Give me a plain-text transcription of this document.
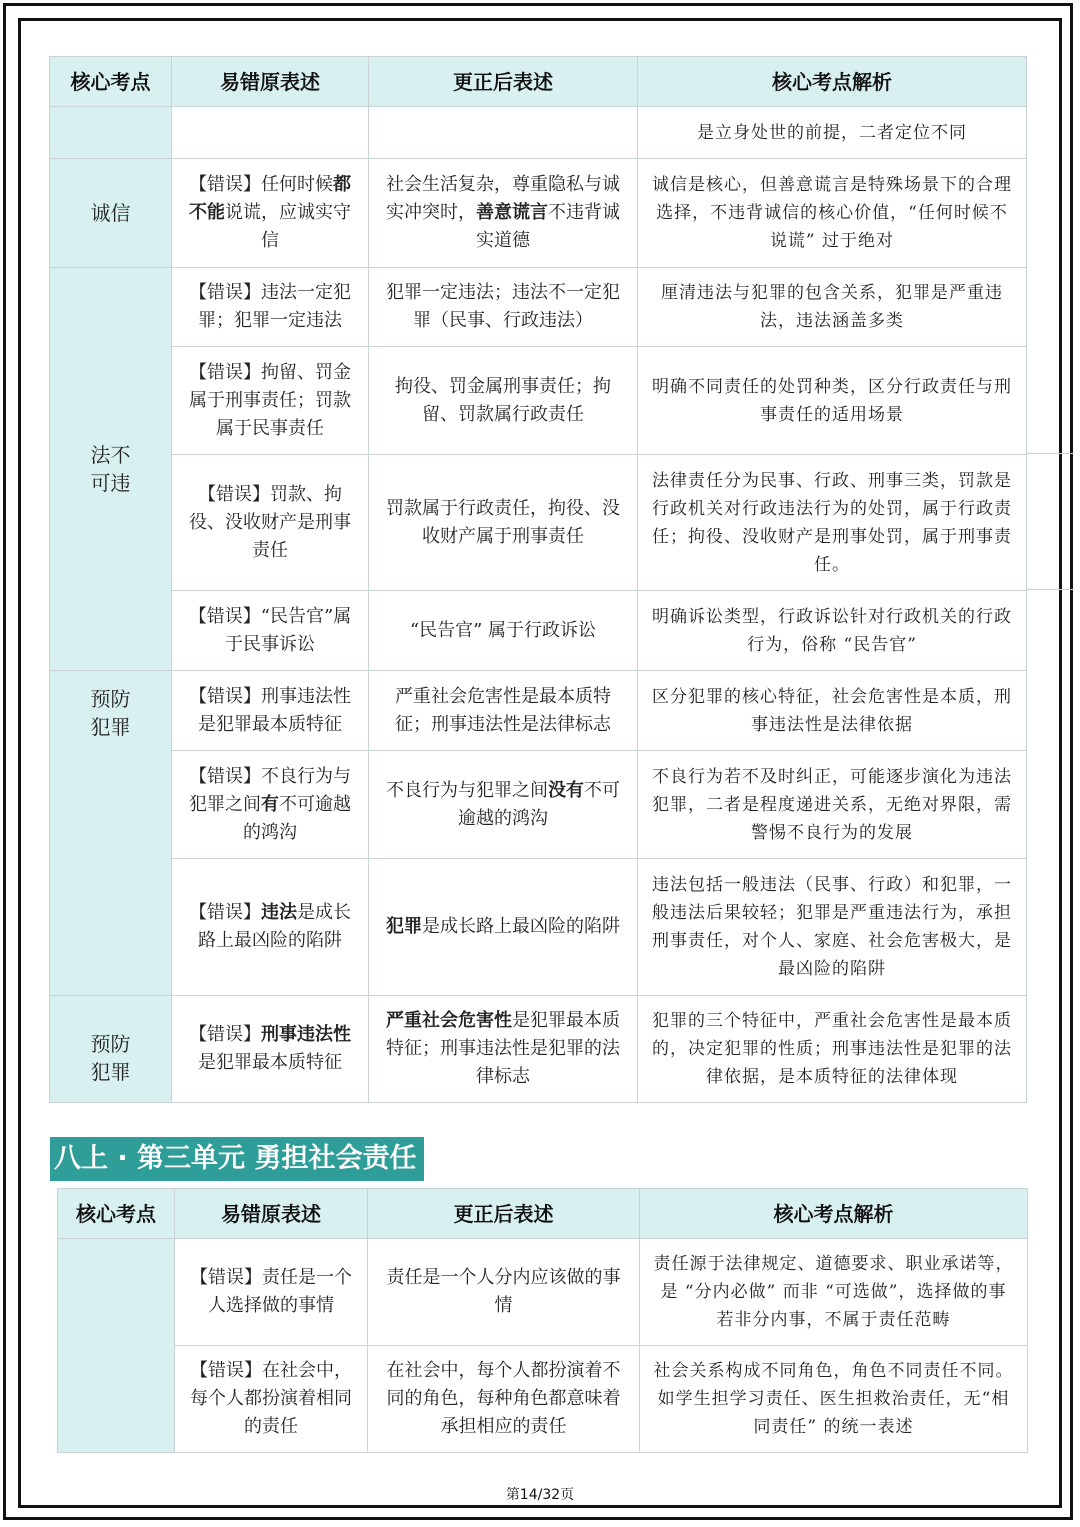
核心考点	易错原表述	更正后表述	核心考点解析
			是立身处世的前提，二者定位不同
诚信	【错误】任何时候都不能说谎，应诚实守信	社会生活复杂，尊重隐私与诚实冲突时，善意谎言不违背诚实道德	诚信是核心，但善意谎言是特殊场景下的合理选择，不违背诚信的核心价值，“任何时候不说谎” 过于绝对
法不
可违	【错误】违法一定犯罪；犯罪一定违法	犯罪一定违法；违法不一定犯罪（民事、行政违法）	厘清违法与犯罪的包含关系，犯罪是严重违法，违法涵盖多类
	【错误】拘留、罚金属于刑事责任；罚款属于民事责任	拘役、罚金属刑事责任；拘留、罚款属行政责任	明确不同责任的处罚种类，区分行政责任与刑事责任的适用场景
	【错误】罚款、拘役、没收财产是刑事责任	罚款属于行政责任，拘役、没收财产属于刑事责任	法律责任分为民事、行政、刑事三类，罚款是行政机关对行政违法行为的处罚，属于行政责任；拘役、没收财产是刑事处罚，属于刑事责任。
	【错误】“民告官”属于民事诉讼	“民告官” 属于行政诉讼	明确诉讼类型，行政诉讼针对行政机关的行政行为，俗称 “民告官”
预防
犯罪	【错误】刑事违法性是犯罪最本质特征	严重社会危害性是最本质特征；刑事违法性是法律标志	区分犯罪的核心特征，社会危害性是本质，刑事违法性是法律依据
	【错误】不良行为与犯罪之间有不可逾越的鸿沟	不良行为与犯罪之间没有不可逾越的鸿沟	不良行为若不及时纠正，可能逐步演化为违法犯罪，二者是程度递进关系，无绝对界限，需警惕不良行为的发展
	【错误】违法是成长路上最凶险的陷阱	犯罪是成长路上最凶险的陷阱	违法包括一般违法（民事、行政）和犯罪，一般违法后果较轻；犯罪是严重违法行为，承担刑事责任，对个人、家庭、社会危害极大，是最凶险的陷阱
预防
犯罪	【错误】刑事违法性是犯罪最本质特征	严重社会危害性是犯罪最本质特征；刑事违法性是犯罪的法律标志	犯罪的三个特征中，严重社会危害性是最本质的，决定犯罪的性质；刑事违法性是犯罪的法律依据，是本质特征的法律体现
八上 · 第三单元 勇担社会责任
核心考点	易错原表述	更正后表述	核心考点解析
	【错误】责任是一个人选择做的事情	责任是一个人分内应该做的事情	责任源于法律规定、道德要求、职业承诺等，是 “分内必做” 而非 “可选做”，选择做的事若非分内事，不属于责任范畴
	【错误】在社会中，每个人都扮演着相同的责任	在社会中，每个人都扮演着不同的角色，每种角色都意味着承担相应的责任	社会关系构成不同角色，角色不同责任不同。如学生担学习责任、医生担救治责任，无“相同责任” 的统一表述
第14/32页
